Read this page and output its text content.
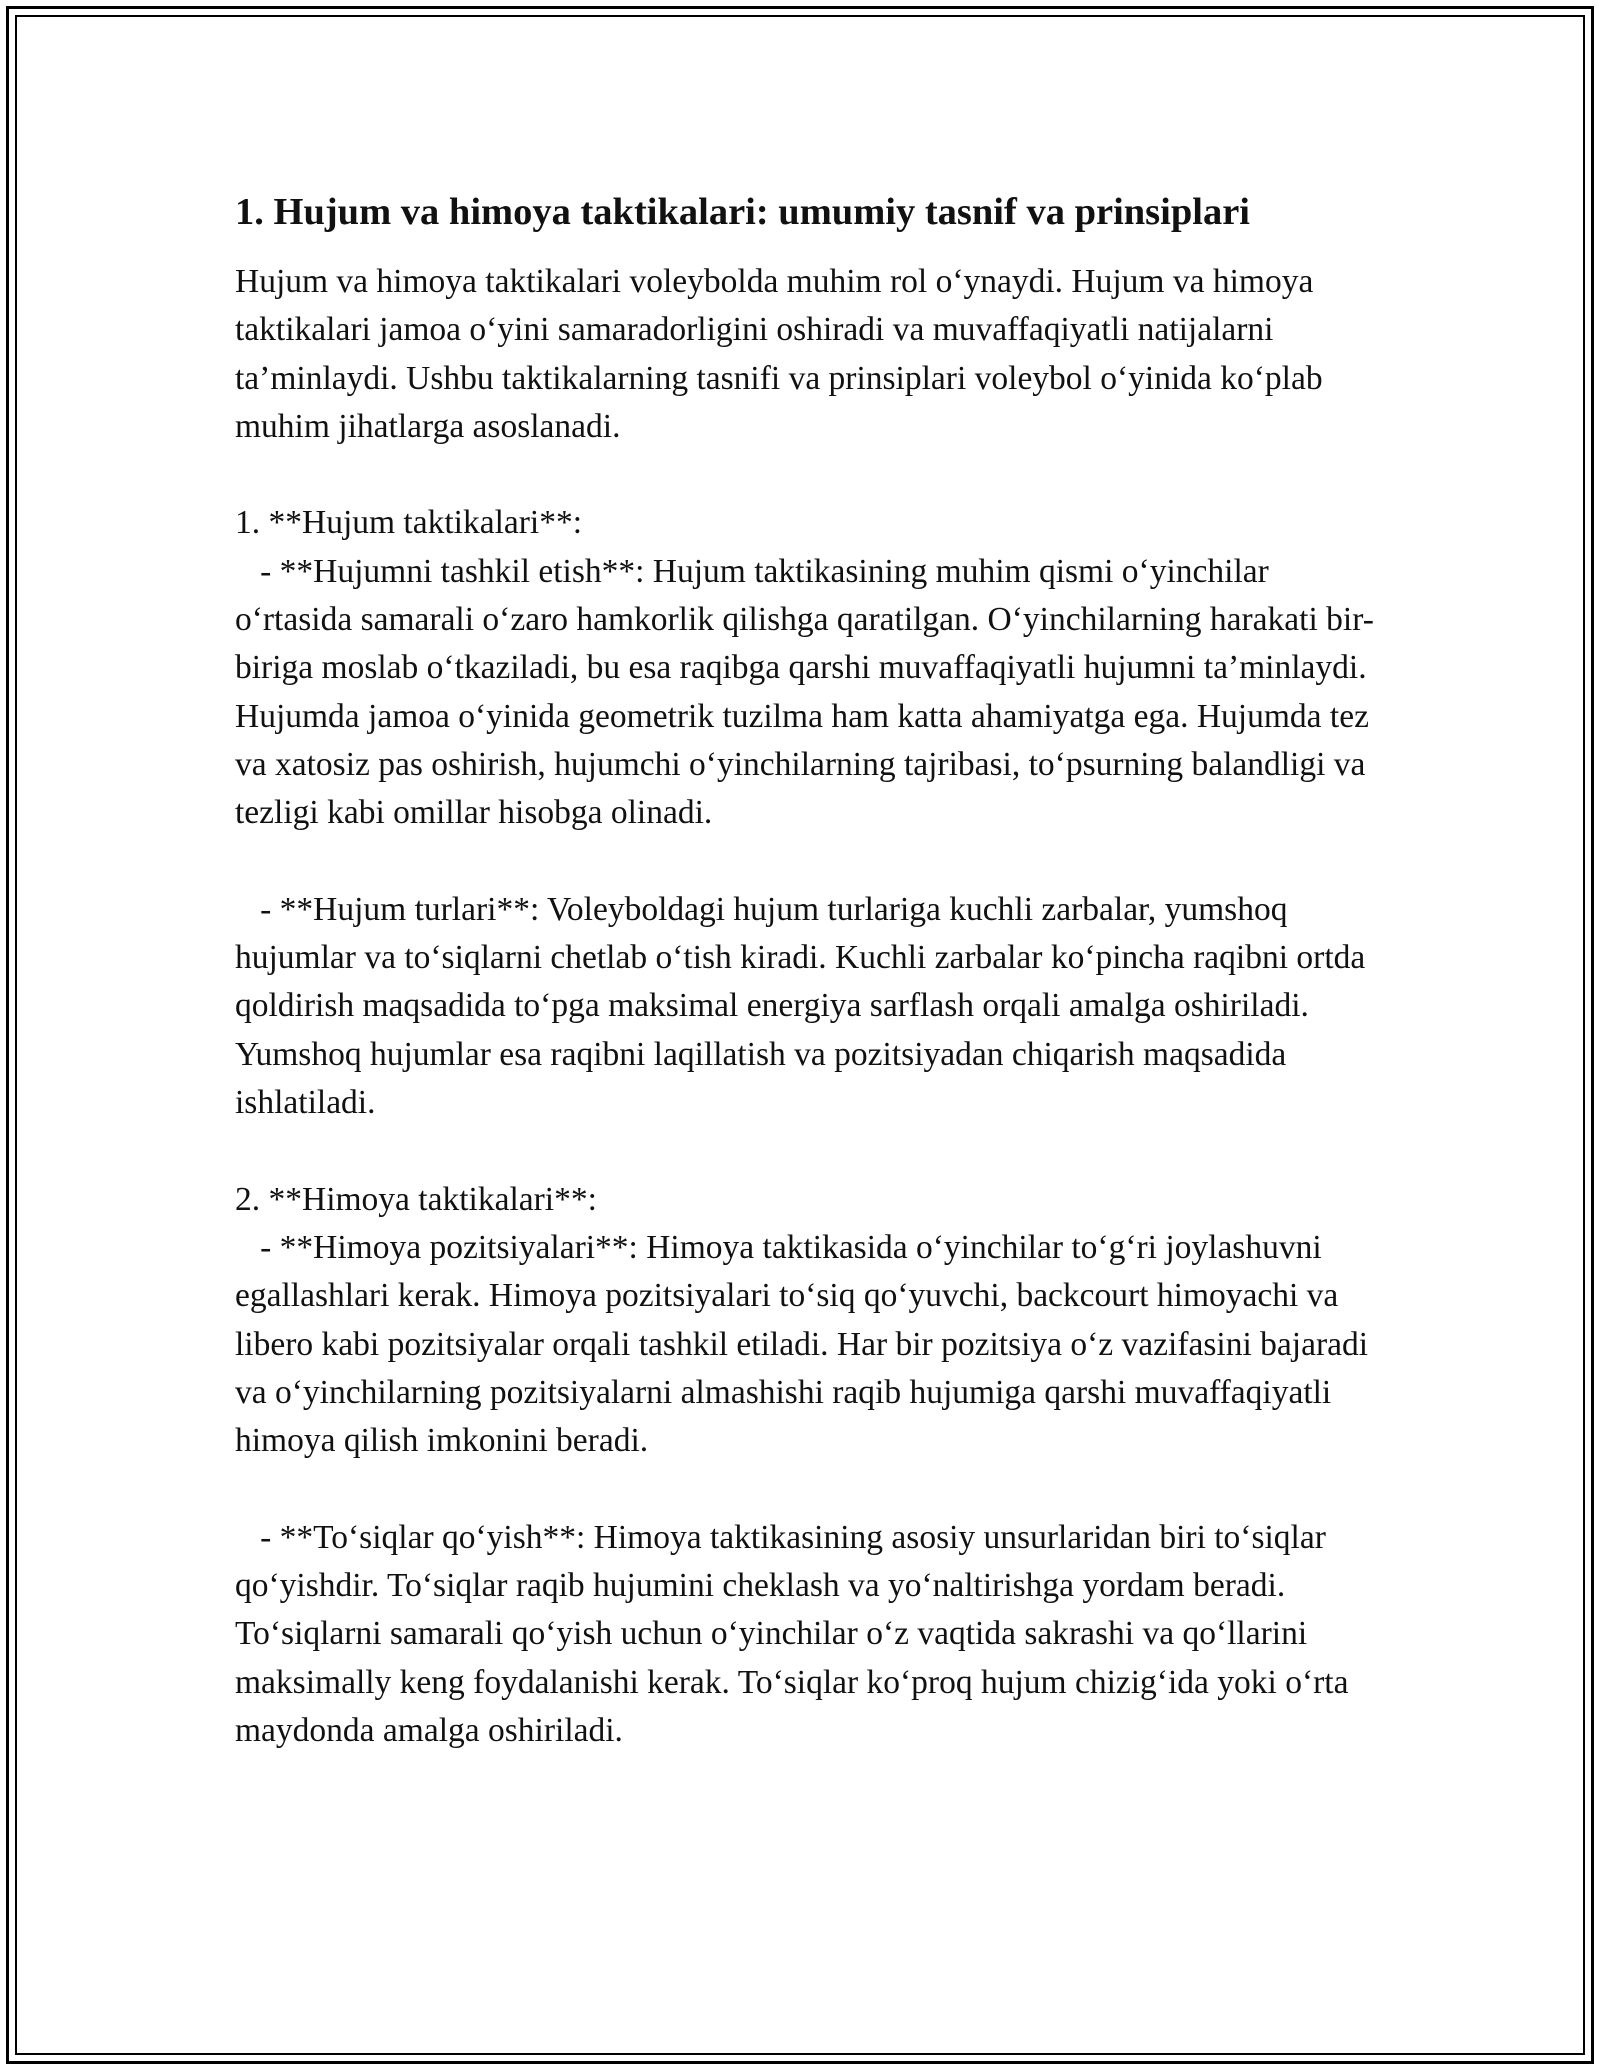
1. Hujum va himoya taktikalari: umumiy tasnif va prinsiplari

Hujum va himoya taktikalari voleybolda muhim rol o‘ynaydi. Hujum va himoya taktikalari jamoa o‘yini samaradorligini oshiradi va muvaffaqiyatli natijalarni ta’minlaydi. Ushbu taktikalarning tasnifi va prinsiplari voleybol o‘yinida ko‘plab muhim jihatlarga asoslanadi.

1. **Hujum taktikalari**:

- **Hujumni tashkil etish**: Hujum taktikasining muhim qismi o‘yinchilar o‘rtasida samarali o‘zaro hamkorlik qilishga qaratilgan. O‘yinchilarning harakati bir-biriga moslab o‘tkaziladi, bu esa raqibga qarshi muvaffaqiyatli hujumni ta’minlaydi. Hujumda jamoa o‘yinida geometrik tuzilma ham katta ahamiyatga ega. Hujumda tez va xatosiz pas oshirish, hujumchi o‘yinchilarning tajribasi, to‘psurning balandligi va tezligi kabi omillar hisobga olinadi.

- **Hujum turlari**: Voleyboldagi hujum turlariga kuchli zarbalar, yumshoq hujumlar va to‘siqlarni chetlab o‘tish kiradi. Kuchli zarbalar ko‘pincha raqibni ortda qoldirish maqsadida to‘pga maksimal energiya sarflash orqali amalga oshiriladi. Yumshoq hujumlar esa raqibni laqillatish va pozitsiyadan chiqarish maqsadida ishlatiladi.

2. **Himoya taktikalari**:

- **Himoya pozitsiyalari**: Himoya taktikasida o‘yinchilar to‘g‘ri joylashuvni egallashlari kerak. Himoya pozitsiyalari to‘siq qo‘yuvchi, backcourt himoyachi va libero kabi pozitsiyalar orqali tashkil etiladi. Har bir pozitsiya o‘z vazifasini bajaradi va o‘yinchilarning pozitsiyalarni almashishi raqib hujumiga qarshi muvaffaqiyatli himoya qilish imkonini beradi.

- **To‘siqlar qo‘yish**: Himoya taktikasining asosiy unsurlaridan biri to‘siqlar qo‘yishdir. To‘siqlar raqib hujumini cheklash va yo‘naltirishga yordam beradi. To‘siqlarni samarali qo‘yish uchun o‘yinchilar o‘z vaqtida sakrashi va qo‘llarini maksimally keng foydalanishi kerak. To‘siqlar ko‘proq hujum chizig‘ida yoki o‘rta maydonda amalga oshiriladi.
